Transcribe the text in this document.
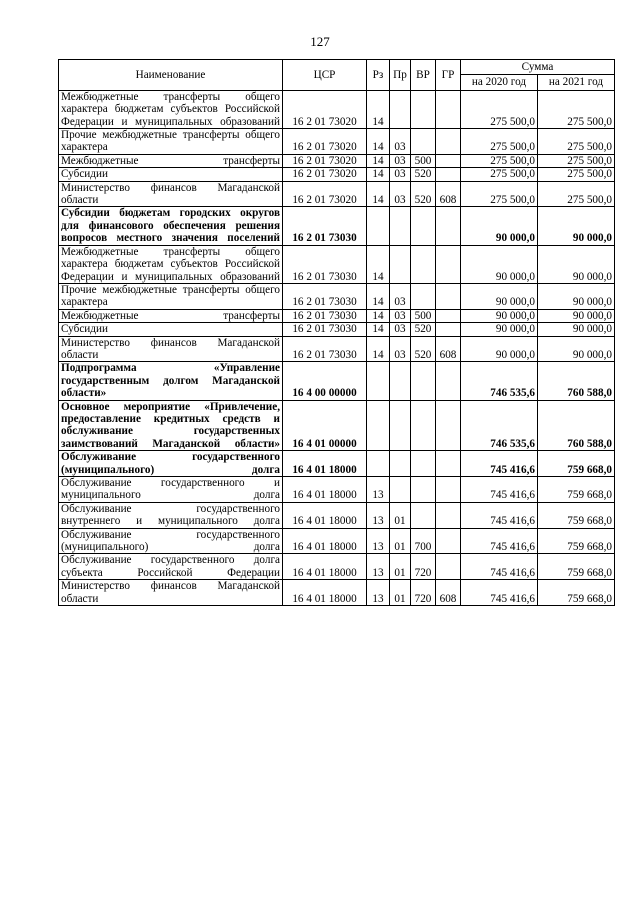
127
Наименование	ЦСР	Рз	Пр	ВР	ГР	Сумма	
						на 2020 год	на 2021 год
Межбюджетные трансферты общего характера бюджетам субъектов Российской Федерации и муниципальных образований	16 2 01 73020	14				275 500,0	275 500,0
Прочие межбюджетные трансферты общего характера	16 2 01 73020	14	03			275 500,0	275 500,0
Межбюджетные трансферты	16 2 01 73020	14	03	500		275 500,0	275 500,0
Субсидии	16 2 01 73020	14	03	520		275 500,0	275 500,0
Министерство финансов Магаданской области	16 2 01 73020	14	03	520	608	275 500,0	275 500,0
Субсидии бюджетам городских округов для финансового обеспечения решения вопросов местного значения поселений	16 2 01 73030					90 000,0	90 000,0
Межбюджетные трансферты общего характера бюджетам субъектов Российской Федерации и муниципальных образований	16 2 01 73030	14				90 000,0	90 000,0
Прочие межбюджетные трансферты общего характера	16 2 01 73030	14	03			90 000,0	90 000,0
Межбюджетные трансферты	16 2 01 73030	14	03	500		90 000,0	90 000,0
Субсидии	16 2 01 73030	14	03	520		90 000,0	90 000,0
Министерство финансов Магаданской области	16 2 01 73030	14	03	520	608	90 000,0	90 000,0
Подпрограмма «Управление государственным долгом Магаданской области»	16 4 00 00000					746 535,6	760 588,0
Основное мероприятие «Привлечение, предоставление кредитных средств и обслуживание государственных заимствований Магаданской области»	16 4 01 00000					746 535,6	760 588,0
Обслуживание государственного (муниципального) долга	16 4 01 18000					745 416,6	759 668,0
Обслуживание государственного и муниципального долга	16 4 01 18000	13				745 416,6	759 668,0
Обслуживание государственного внутреннего и муниципального долга	16 4 01 18000	13	01			745 416,6	759 668,0
Обслуживание государственного (муниципального) долга	16 4 01 18000	13	01	700		745 416,6	759 668,0
Обслуживание государственного долга субъекта Российской Федерации	16 4 01 18000	13	01	720		745 416,6	759 668,0
Министерство финансов Магаданской области	16 4 01 18000	13	01	720	608	745 416,6	759 668,0
